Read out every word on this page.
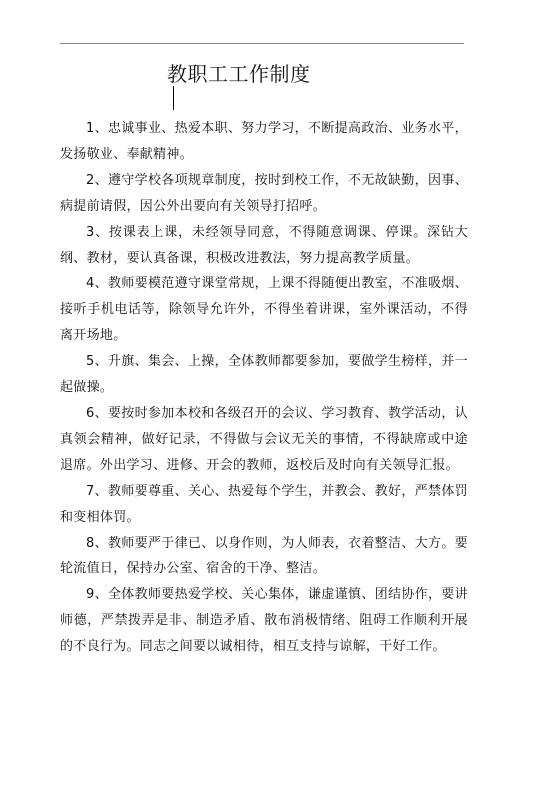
教职工工作制度

1、忠诚事业、热爱本职、努力学习，不断提高政治、业务水平，发扬敬业、奉献精神。

2、遵守学校各项规章制度，按时到校工作，不无故缺勤，因事、病提前请假，因公外出要向有关领导打招呼。

3、按课表上课，未经领导同意，不得随意调课、停课。深钻大纲、教材，要认真备课，积极改进教法，努力提高教学质量。

4、教师要模范遵守课堂常规，上课不得随便出教室，不准吸烟、接听手机电话等，除领导允许外，不得坐着讲课，室外课活动，不得离开场地。

5、升旗、集会、上操，全体教师都要参加，要做学生榜样，并一起做操。

6、要按时参加本校和各级召开的会议、学习教育、教学活动，认真领会精神，做好记录，不得做与会议无关的事情，不得缺席或中途退席。外出学习、进修、开会的教师，返校后及时向有关领导汇报。

7、教师要尊重、关心、热爱每个学生，并教会、教好，严禁体罚和变相体罚。

8、教师要严于律已、以身作则，为人师表，衣着整洁、大方。要轮流值日，保持办公室、宿舍的干净、整洁。

9、全体教师要热爱学校、关心集体，谦虚谨慎、团结协作，要讲师德，严禁拨弄是非、制造矛盾、散布消极情绪、阻碍工作顺利开展的不良行为。同志之间要以诚相待，相互支持与谅解，干好工作。
